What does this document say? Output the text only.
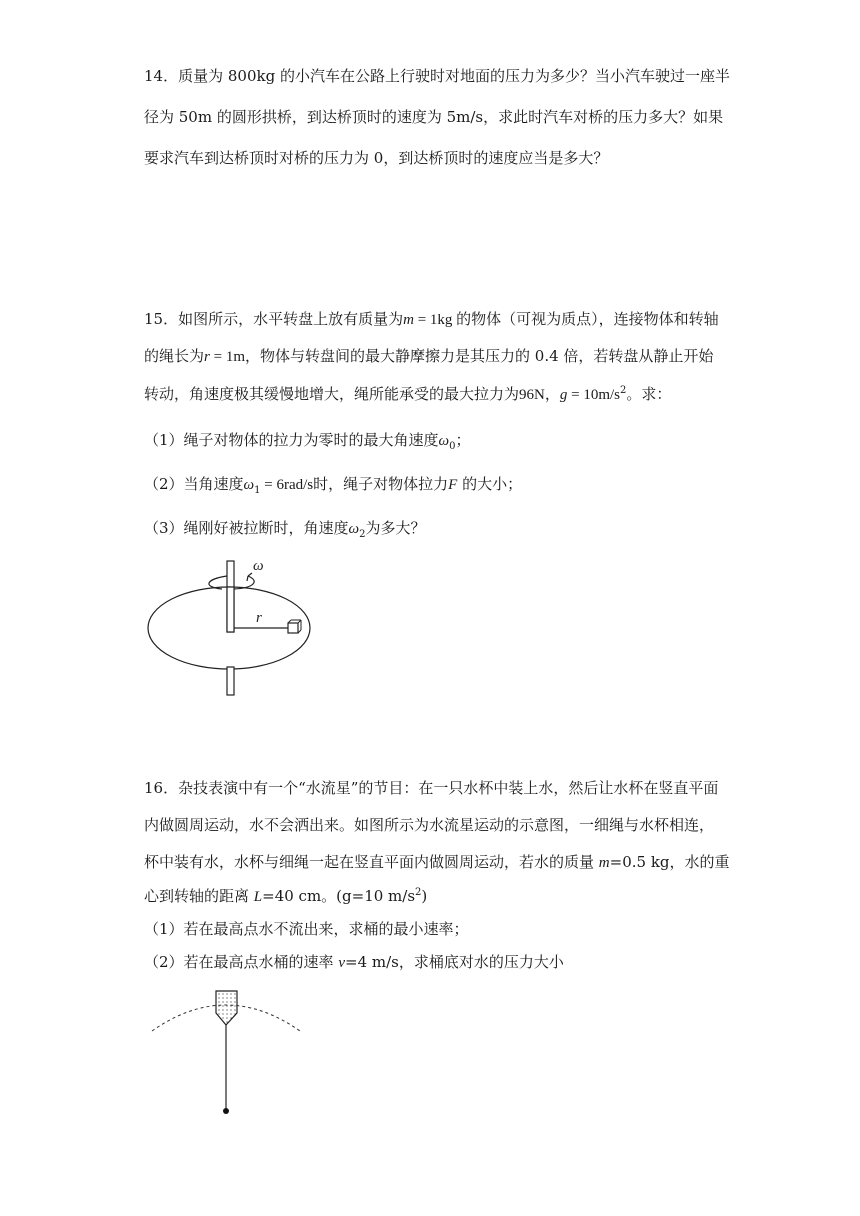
14．质量为 800kg 的小汽车在公路上行驶时对地面的压力为多少？当小汽车驶过一座半
径为 50m 的圆形拱桥，到达桥顶时的速度为 5m/s，求此时汽车对桥的压力多大？如果
要求汽车到达桥顶时对桥的压力为 0，到达桥顶时的速度应当是多大？
15．如图所示，水平转盘上放有质量为m = 1kg 的物体（可视为质点），连接物体和转轴
的绳长为r = 1m，物体与转盘间的最大静摩擦力是其压力的 0.4 倍，若转盘从静止开始
转动，角速度极其缓慢地增大，绳所能承受的最大拉力为96N，$g = 10m/s^2$。求：
（1）绳子对物体的拉力为零时的最大角速度$\omega_0$；
（2）当角速度$\omega_1 = 6rad/s$时，绳子对物体拉力F 的大小；
（3）绳刚好被拉断时，角速度$\omega_2$为多大？
ω
r
16．杂技表演中有一个“水流星”的节目：在一只水杯中装上水，然后让水杯在竖直平面
内做圆周运动，水不会洒出来。如图所示为水流星运动的示意图，一细绳与水杯相连，
杯中装有水，水杯与细绳一起在竖直平面内做圆周运动，若水的质量 m=0.5 kg，水的重
心到转轴的距离 L=40 cm。(g=10 $m/s^2$)
（1）若在最高点水不流出来，求桶的最小速率；
（2）若在最高点水桶的速率 v=4 m/s，求桶底对水的压力大小
